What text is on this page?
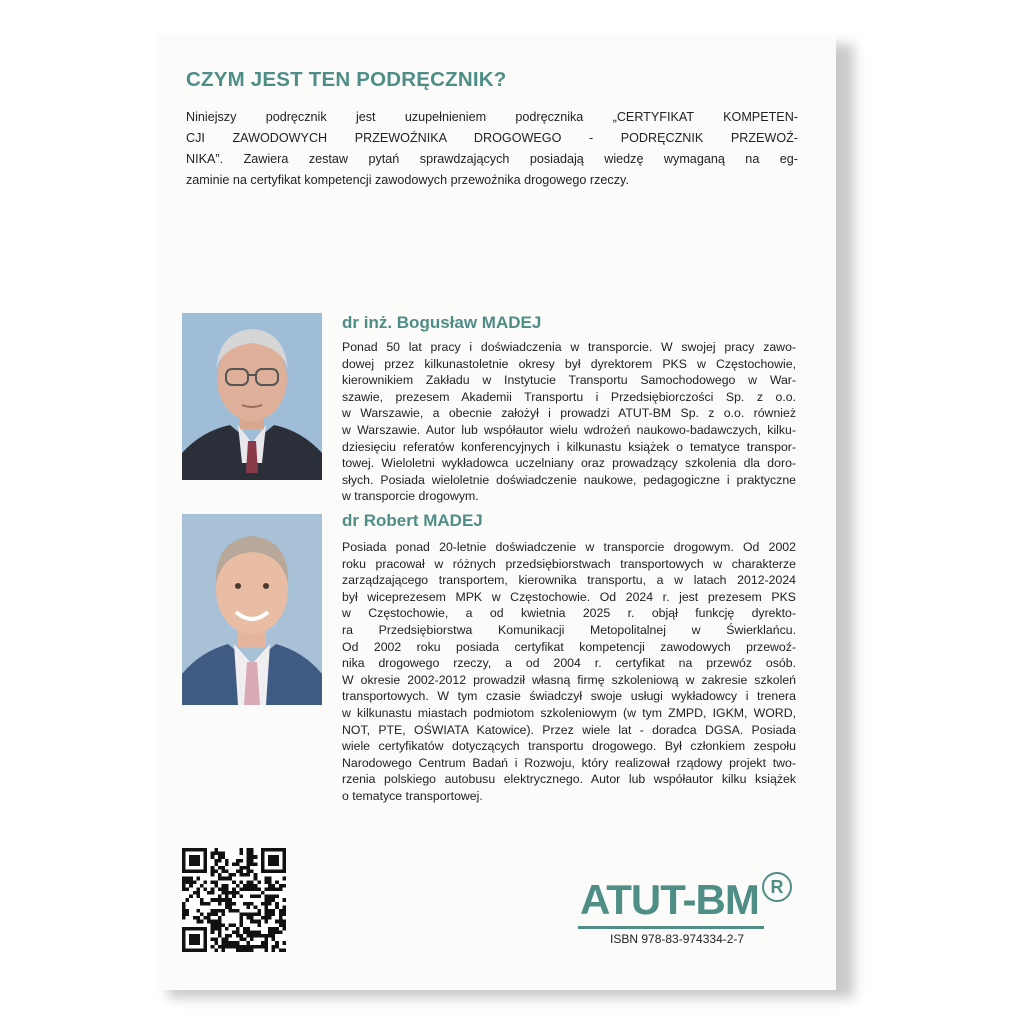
CZYM JEST TEN PODRĘCZNIK?
Niniejszy podręcznik jest uzupełnieniem podręcznika „CERTYFIKAT KOMPETEN-
CJI ZAWODOWYCH PRZEWOŹNIKA DROGOWEGO - PODRĘCZNIK PRZEWOŹ-
NIKA”. Zawiera zestaw pytań sprawdzających posiadają wiedzę wymaganą na eg-
zaminie na certyfikat kompetencji zawodowych przewoźnika drogowego rzeczy.
dr inż. Bogusław MADEJ
Ponad 50 lat pracy i doświadczenia w transporcie. W swojej pracy zawo-
dowej przez kilkunastoletnie okresy był dyrektorem PKS w Częstochowie,
kierownikiem Zakładu w Instytucie Transportu Samochodowego w War-
szawie, prezesem Akademii Transportu i Przedsiębiorczości Sp. z o.o.
w Warszawie, a obecnie założył i prowadzi ATUT-BM Sp. z o.o. również
w Warszawie. Autor lub współautor wielu wdrożeń naukowo-badawczych, kilku-
dziesięciu referatów konferencyjnych i kilkunastu książek o tematyce transpor-
towej. Wieloletni wykładowca uczelniany oraz prowadzący szkolenia dla doro-
słych. Posiada wieloletnie doświadczenie naukowe, pedagogiczne i praktyczne
w transporcie drogowym.
dr Robert MADEJ
Posiada ponad 20-letnie doświadczenie w transporcie drogowym. Od 2002
roku pracował w różnych przedsiębiorstwach transportowych w charakterze
zarządzającego transportem, kierownika transportu, a w latach 2012-2024
był wiceprezesem MPK w Częstochowie. Od 2024 r. jest prezesem PKS
w Częstochowie, a od kwietnia 2025 r. objął funkcję dyrekto-
ra Przedsiębiorstwa Komunikacji Metopolitalnej w Świerklańcu.
Od 2002 roku posiada certyfikat kompetencji zawodowych przewoź-
nika drogowego rzeczy, a od 2004 r. certyfikat na przewóz osób.
W okresie 2002-2012 prowadził własną firmę szkoleniową w zakresie szkoleń
transportowych. W tym czasie świadczył swoje usługi wykładowcy i trenera
w kilkunastu miastach podmiotom szkoleniowym (w tym ZMPD, IGKM, WORD,
NOT, PTE, OŚWIATA Katowice). Przez wiele lat - doradca DGSA. Posiada
wiele certyfikatów dotyczących transportu drogowego. Był członkiem zespołu
Narodowego Centrum Badań i Rozwoju, który realizował rządowy projekt two-
rzenia polskiego autobusu elektrycznego. Autor lub współautor kilku książek
o tematyce transportowej.
ATUT-BM R
ISBN 978-83-974334-2-7
